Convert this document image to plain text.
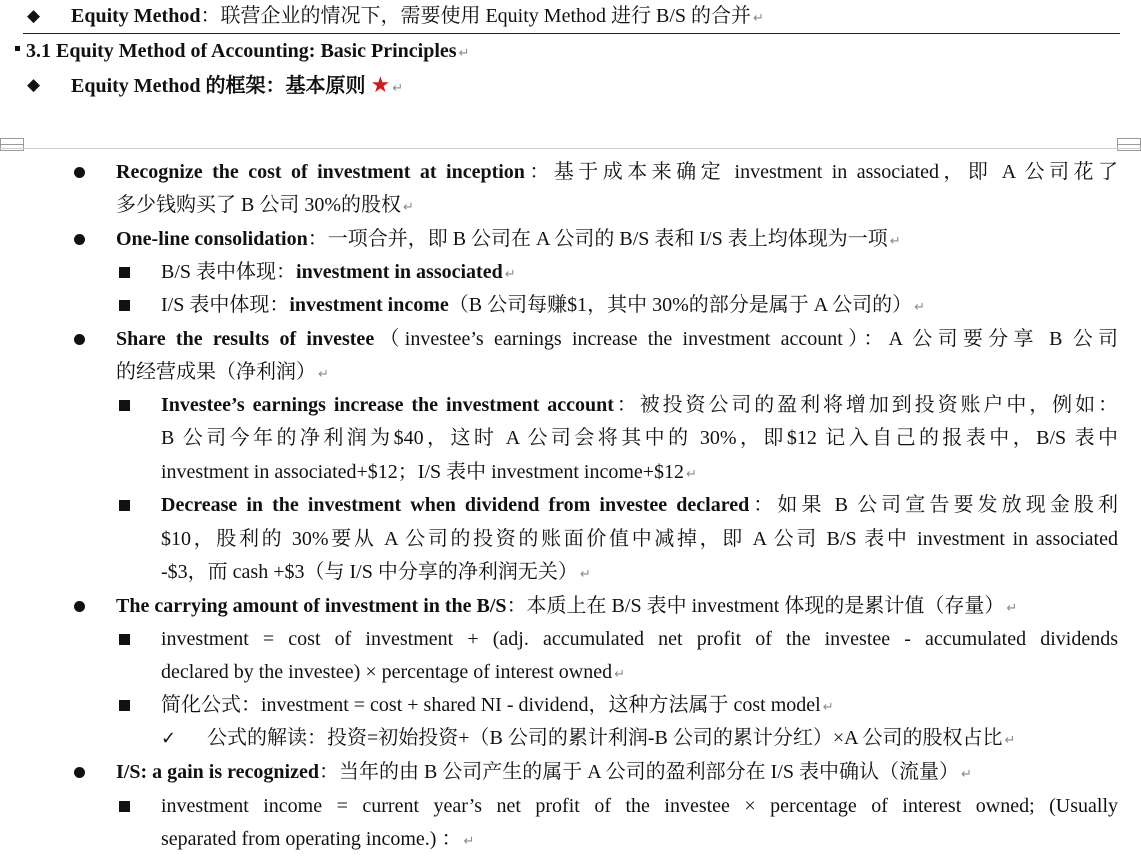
◆ Equity Method：联营企业的情况下，需要使用 Equity Method 进行 B/S 的合并 ↵
3.1 Equity Method of Accounting: Basic Principles ↵
◆ Equity Method 的框架：基本原则 ★ ↵
Recognize the cost of investment at inception：基于成本来确定 investment in associated，即 A 公司花了
多少钱购买了 B 公司 30%的股权 ↵
One-line consolidation：一项合并，即 B 公司在 A 公司的 B/S 表和 I/S 表上均体现为一项 ↵
B/S 表中体现：investment in associated ↵
I/S 表中体现：investment income（B 公司每赚$1，其中 30%的部分是属于 A 公司的） ↵
Share the results of investee（investee’s earnings increase the investment account）：A 公司要分享 B 公司
的经营成果（净利润） ↵
Investee’s earnings increase the investment account：被投资公司的盈利将增加到投资账户中，例如：
B 公司今年的净利润为$40，这时 A 公司会将其中的 30%，即$12 记入自己的报表中，B/S 表中
investment in associated+$12；I/S 表中 investment income+$12 ↵
Decrease in the investment when dividend from investee declared：如果 B 公司宣告要发放现金股利
$10，股利的 30%要从 A 公司的投资的账面价值中减掉，即 A 公司 B/S 表中 investment in associated
-$3，而 cash +$3（与 I/S 中分享的净利润无关） ↵
The carrying amount of investment in the B/S：本质上在 B/S 表中 investment 体现的是累计值（存量） ↵
investment = cost of investment + (adj. accumulated net profit of the investee - accumulated dividends
declared by the investee) × percentage of interest owned ↵
简化公式：investment = cost + shared NI - dividend，这种方法属于 cost model ↵
✓ 公式的解读：投资=初始投资+（B 公司的累计利润-B 公司的累计分红）×A 公司的股权占比 ↵
I/S: a gain is recognized：当年的由 B 公司产生的属于 A 公司的盈利部分在 I/S 表中确认（流量） ↵
investment income = current year’s net profit of the investee × percentage of interest owned; (Usually
separated from operating income.) ： ↵
